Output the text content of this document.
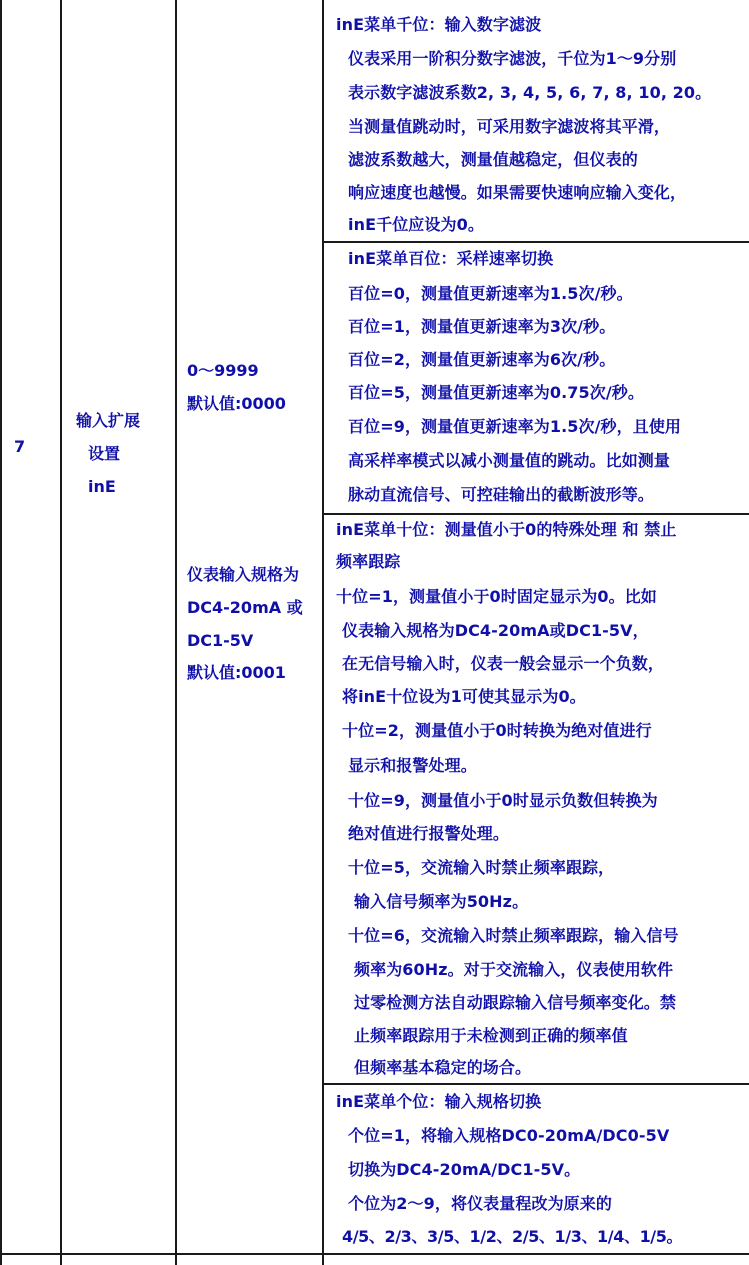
7
输入扩展
设置
inE
0～9999
默认值:0000
仪表输入规格为
DC4-20mA 或
DC1-5V
默认值:0001
inE菜单千位：输入数字滤波
仪表采用一阶积分数字滤波，千位为1～9分别
表示数字滤波系数2, 3, 4, 5, 6, 7, 8, 10, 20。
当测量值跳动时，可采用数字滤波将其平滑，
滤波系数越大，测量值越稳定，但仪表的
响应速度也越慢。如果需要快速响应输入变化，
inE千位应设为0。
inE菜单百位：采样速率切换
百位=0，测量值更新速率为1.5次/秒。
百位=1，测量值更新速率为3次/秒。
百位=2，测量值更新速率为6次/秒。
百位=5，测量值更新速率为0.75次/秒。
百位=9，测量值更新速率为1.5次/秒，且使用
高采样率模式以减小测量值的跳动。比如测量
脉动直流信号、可控硅输出的截断波形等。
inE菜单十位：测量值小于0的特殊处理 和 禁止
频率跟踪
十位=1，测量值小于0时固定显示为0。比如
仪表输入规格为DC4-20mA或DC1-5V，
在无信号输入时，仪表一般会显示一个负数，
将inE十位设为1可使其显示为0。
十位=2，测量值小于0时转换为绝对值进行
显示和报警处理。
十位=9，测量值小于0时显示负数但转换为
绝对值进行报警处理。
十位=5，交流输入时禁止频率跟踪，
输入信号频率为50Hz。
十位=6，交流输入时禁止频率跟踪，输入信号
频率为60Hz。对于交流输入，仪表使用软件
过零检测方法自动跟踪输入信号频率变化。禁
止频率跟踪用于未检测到正确的频率值
但频率基本稳定的场合。
inE菜单个位：输入规格切换
个位=1，将输入规格DC0-20mA/DC0-5V
切换为DC4-20mA/DC1-5V。
个位为2～9，将仪表量程改为原来的
4/5、2/3、3/5、1/2、2/5、1/3、1/4、1/5。
